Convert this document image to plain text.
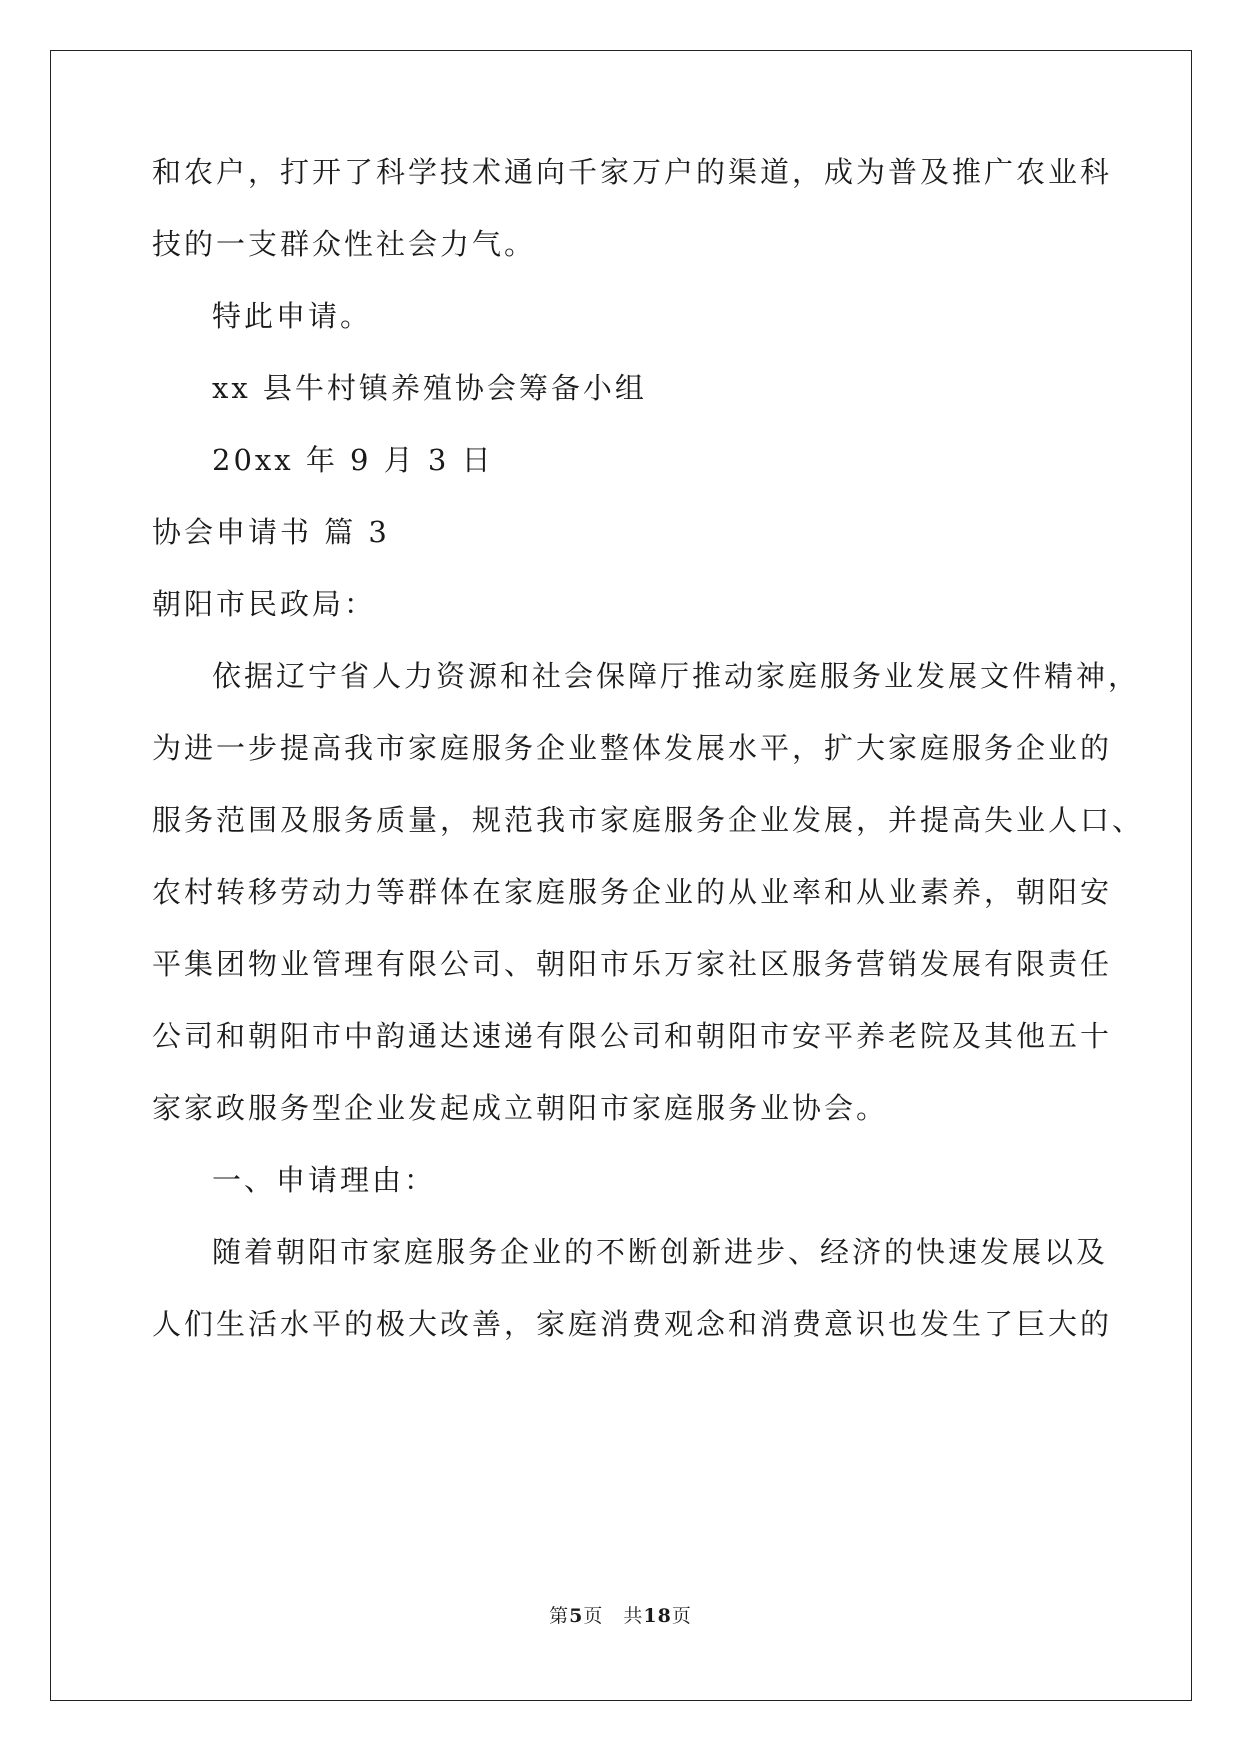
和农户，打开了科学技术通向千家万户的渠道，成为普及推广农业科
技的一支群众性社会力气。
特此申请。
xx 县牛村镇养殖协会筹备小组
20xx 年 9 月 3 日
协会申请书 篇 3
朝阳市民政局：
依据辽宁省人力资源和社会保障厅推动家庭服务业发展文件精神，
为进一步提高我市家庭服务企业整体发展水平，扩大家庭服务企业的
服务范围及服务质量，规范我市家庭服务企业发展，并提高失业人口、
农村转移劳动力等群体在家庭服务企业的从业率和从业素养，朝阳安
平集团物业管理有限公司、朝阳市乐万家社区服务营销发展有限责任
公司和朝阳市中韵通达速递有限公司和朝阳市安平养老院及其他五十
家家政服务型企业发起成立朝阳市家庭服务业协会。
一、申请理由：
随着朝阳市家庭服务企业的不断创新进步、经济的快速发展以及
人们生活水平的极大改善，家庭消费观念和消费意识也发生了巨大的
第5页 共18页
